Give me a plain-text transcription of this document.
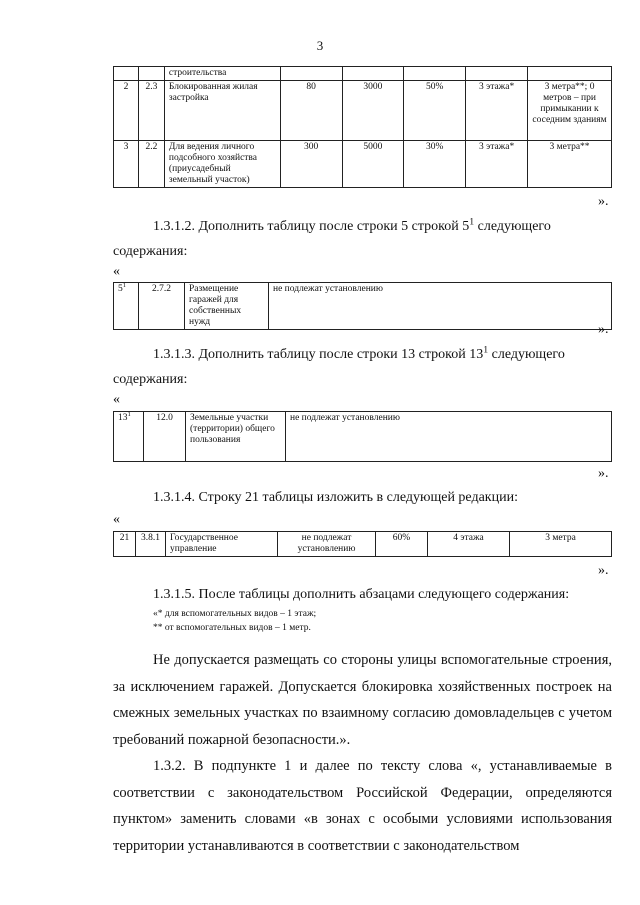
3
		строительства					
2	2.3	Блокированная жилая застройка	80	3000	50%	3 этажа*	3 метра**; 0 метров – при примыкании к соседним зданиям
3	2.2	Для ведения личного подсобного хозяйства (приусадебный земельный участок)	300	5000	30%	3 этажа*	3 метра**
».
1.3.1.2. Дополнить таблицу после строки 5 строкой $5^1$ следующего
содержания:
«
$5^1$	2.7.2	Размещение гаражей для собственных нужд	не подлежат установлению
».
1.3.1.3. Дополнить таблицу после строки 13 строкой $13^1$ следующего
содержания:
«
$13^1$	12.0	Земельные участки (территории) общего пользования	не подлежат установлению
».
1.3.1.4. Строку 21 таблицы изложить в следующей редакции:
«
21	3.8.1	Государственное управление	не подлежат установлению	60%	4 этажа	3 метра
».
1.3.1.5. После таблицы дополнить абзацами следующего содержания:
«* для вспомогательных видов – 1 этаж;
** от вспомогательных видов – 1 метр.

Не допускается размещать со стороны улицы вспомогательные строения, за исключением гаражей. Допускается блокировка хозяйственных построек на смежных земельных участках по взаимному согласию домовладельцев с учетом требований пожарной безопасности.».

1.3.2. В подпункте 1 и далее по тексту слова «, устанавливаемые в соответствии с законодательством Российской Федерации, определяются пунктом» заменить словами «в зонах с особыми условиями использования территории устанавливаются в соответствии с законодательством
